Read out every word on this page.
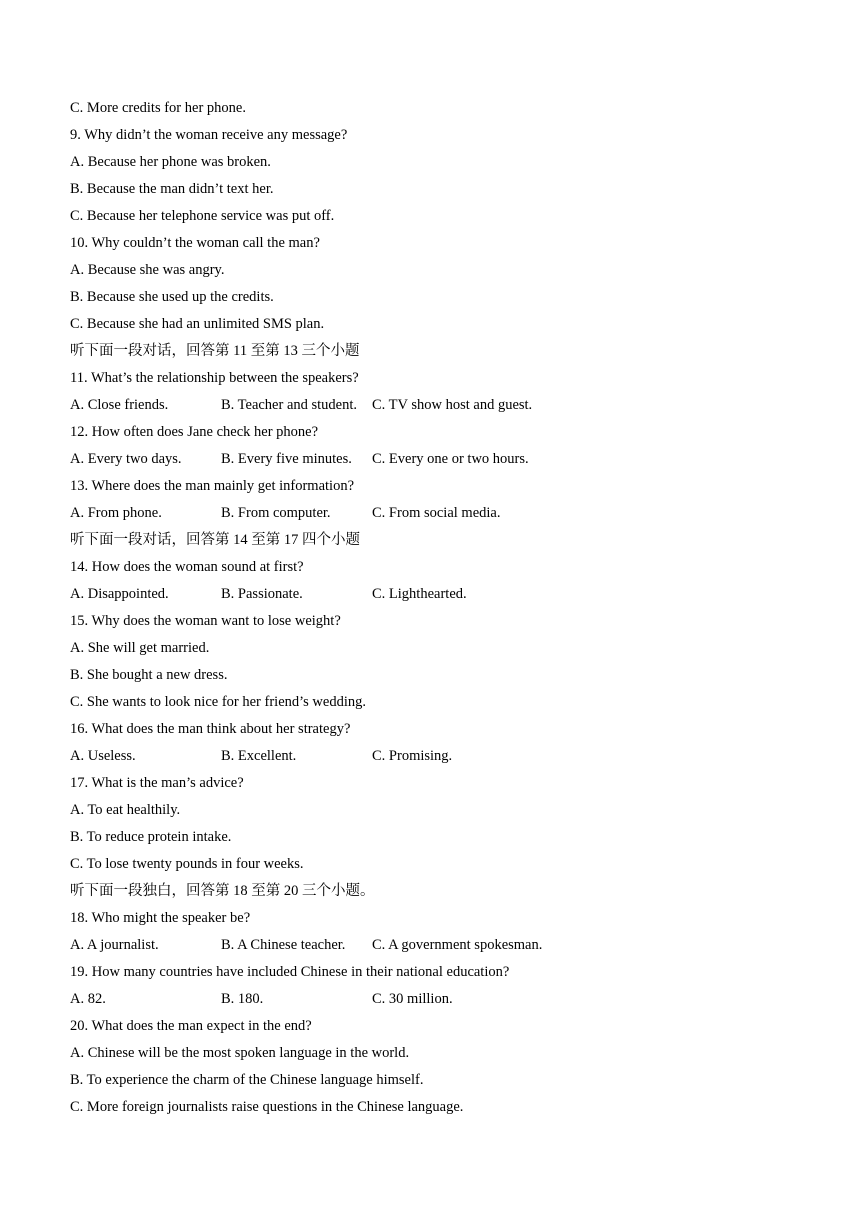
C. More credits for her phone.
9. Why didn’t the woman receive any message?
A. Because her phone was broken.
B. Because the man didn’t text her.
C. Because her telephone service was put off.
10. Why couldn’t the woman call the man?
A. Because she was angry.
B. Because she used up the credits.
C. Because she had an unlimited SMS plan.
听下面一段对话，回答第 11 至第 13 三个小题
11. What’s the relationship between the speakers?
A. Close friends.	B. Teacher and student.	C. TV show host and guest.
12. How often does Jane check her phone?
A. Every two days.	B. Every five minutes.	C. Every one or two hours.
13. Where does the man mainly get information?
A. From phone.	B. From computer.	C. From social media.
听下面一段对话，回答第 14 至第 17 四个小题
14. How does the woman sound at first?
A. Disappointed.	B. Passionate.	C. Lighthearted.
15. Why does the woman want to lose weight?
A. She will get married.
B. She bought a new dress.
C. She wants to look nice for her friend’s wedding.
16. What does the man think about her strategy?
A. Useless.	B. Excellent.	C. Promising.
17. What is the man’s advice?
A. To eat healthily.
B. To reduce protein intake.
C. To lose twenty pounds in four weeks.
听下面一段独白，回答第 18 至第 20 三个小题。
18. Who might the speaker be?
A. A journalist.	B. A Chinese teacher.	C. A government spokesman.
19. How many countries have included Chinese in their national education?
A. 82.	B. 180.	C. 30 million.
20. What does the man expect in the end?
A. Chinese will be the most spoken language in the world.
B. To experience the charm of the Chinese language himself.
C. More foreign journalists raise questions in the Chinese language.
